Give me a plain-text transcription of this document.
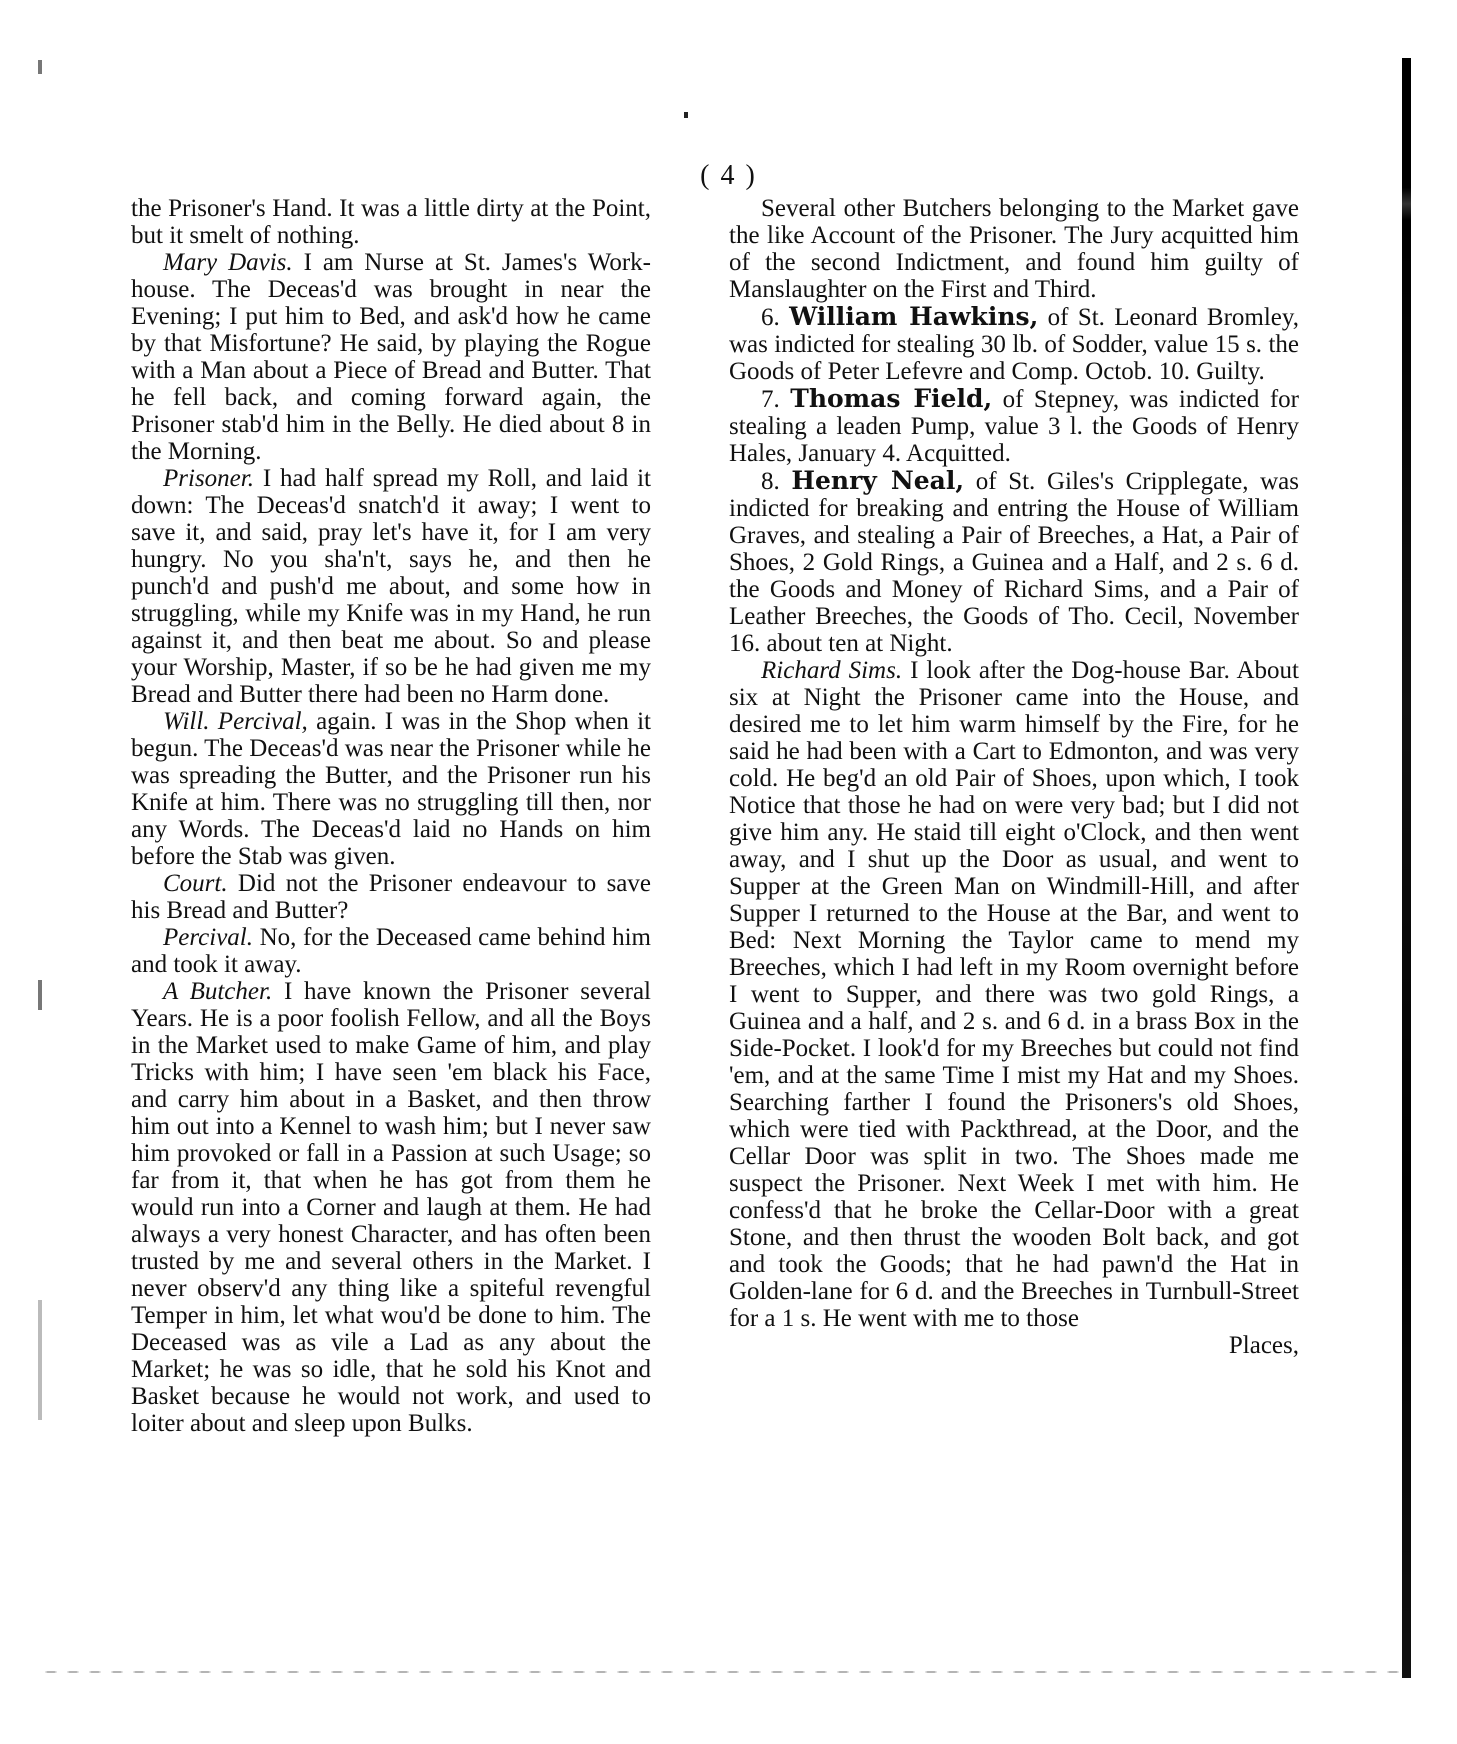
( 4 )

the Prisoner's Hand. It was a little dirty at the Point, but it smelt of nothing.

Mary Davis. I am Nurse at St. James's Work-house. The Deceas'd was brought in near the Evening; I put him to Bed, and ask'd how he came by that Misfortune? He said, by playing the Rogue with a Man about a Piece of Bread and Butter. That he fell back, and coming forward again, the Prisoner stab'd him in the Belly. He died about 8 in the Morning.

Prisoner. I had half spread my Roll, and laid it down: The Deceas'd snatch'd it away; I went to save it, and said, pray let's have it, for I am very hungry. No you sha'n't, says he, and then he punch'd and push'd me about, and some how in struggling, while my Knife was in my Hand, he run against it, and then beat me about. So and please your Worship, Master, if so be he had given me my Bread and Butter there had been no Harm done.

Will. Percival, again. I was in the Shop when it begun. The Deceas'd was near the Prisoner while he was spreading the Butter, and the Prisoner run his Knife at him. There was no struggling till then, nor any Words. The Deceas'd laid no Hands on him before the Stab was given.

Court. Did not the Prisoner endeavour to save his Bread and Butter?

Percival. No, for the Deceased came behind him and took it away.

A Butcher. I have known the Prisoner several Years. He is a poor foolish Fellow, and all the Boys in the Market used to make Game of him, and play Tricks with him; I have seen 'em black his Face, and carry him about in a Basket, and then throw him out into a Kennel to wash him; but I never saw him provoked or fall in a Passion at such Usage; so far from it, that when he has got from them he would run into a Corner and laugh at them. He had always a very honest Character, and has often been trusted by me and several others in the Market. I never observ'd any thing like a spiteful revengful Temper in him, let what wou'd be done to him. The Deceased was as vile a Lad as any about the Market; he was so idle, that he sold his Knot and Basket because he would not work, and used to loiter about and sleep upon Bulks.

Several other Butchers belonging to the Market gave the like Account of the Prisoner. The Jury acquitted him of the second Indictment, and found him guilty of Manslaughter on the First and Third.

6. William Hawkins, of St. Leonard Bromley, was indicted for stealing 30 lb. of Sodder, value 15 s. the Goods of Peter Lefevre and Comp. Octob. 10. Guilty.

7. Thomas Field, of Stepney, was indicted for stealing a leaden Pump, value 3 l. the Goods of Henry Hales, January 4. Acquitted.

8. Henry Neal, of St. Giles's Cripplegate, was indicted for breaking and entring the House of William Graves, and stealing a Pair of Breeches, a Hat, a Pair of Shoes, 2 Gold Rings, a Guinea and a Half, and 2 s. 6 d. the Goods and Money of Richard Sims, and a Pair of Leather Breeches, the Goods of Tho. Cecil, November 16. about ten at Night.

Richard Sims. I look after the Dog-house Bar. About six at Night the Prisoner came into the House, and desired me to let him warm himself by the Fire, for he said he had been with a Cart to Edmonton, and was very cold. He beg'd an old Pair of Shoes, upon which, I took Notice that those he had on were very bad; but I did not give him any. He staid till eight o'Clock, and then went away, and I shut up the Door as usual, and went to Supper at the Green Man on Windmill-Hill, and after Supper I returned to the House at the Bar, and went to Bed: Next Morning the Taylor came to mend my Breeches, which I had left in my Room overnight before I went to Supper, and there was two gold Rings, a Guinea and a half, and 2 s. and 6 d. in a brass Box in the Side-Pocket. I look'd for my Breeches but could not find 'em, and at the same Time I mist my Hat and my Shoes. Searching farther I found the Prisoners's old Shoes, which were tied with Packthread, at the Door, and the Cellar Door was split in two. The Shoes made me suspect the Prisoner. Next Week I met with him. He confess'd that he broke the Cellar-Door with a great Stone, and then thrust the wooden Bolt back, and got and took the Goods; that he had pawn'd the Hat in Golden-lane for 6 d. and the Breeches in Turnbull-Street for a 1 s. He went with me to those

Places,
